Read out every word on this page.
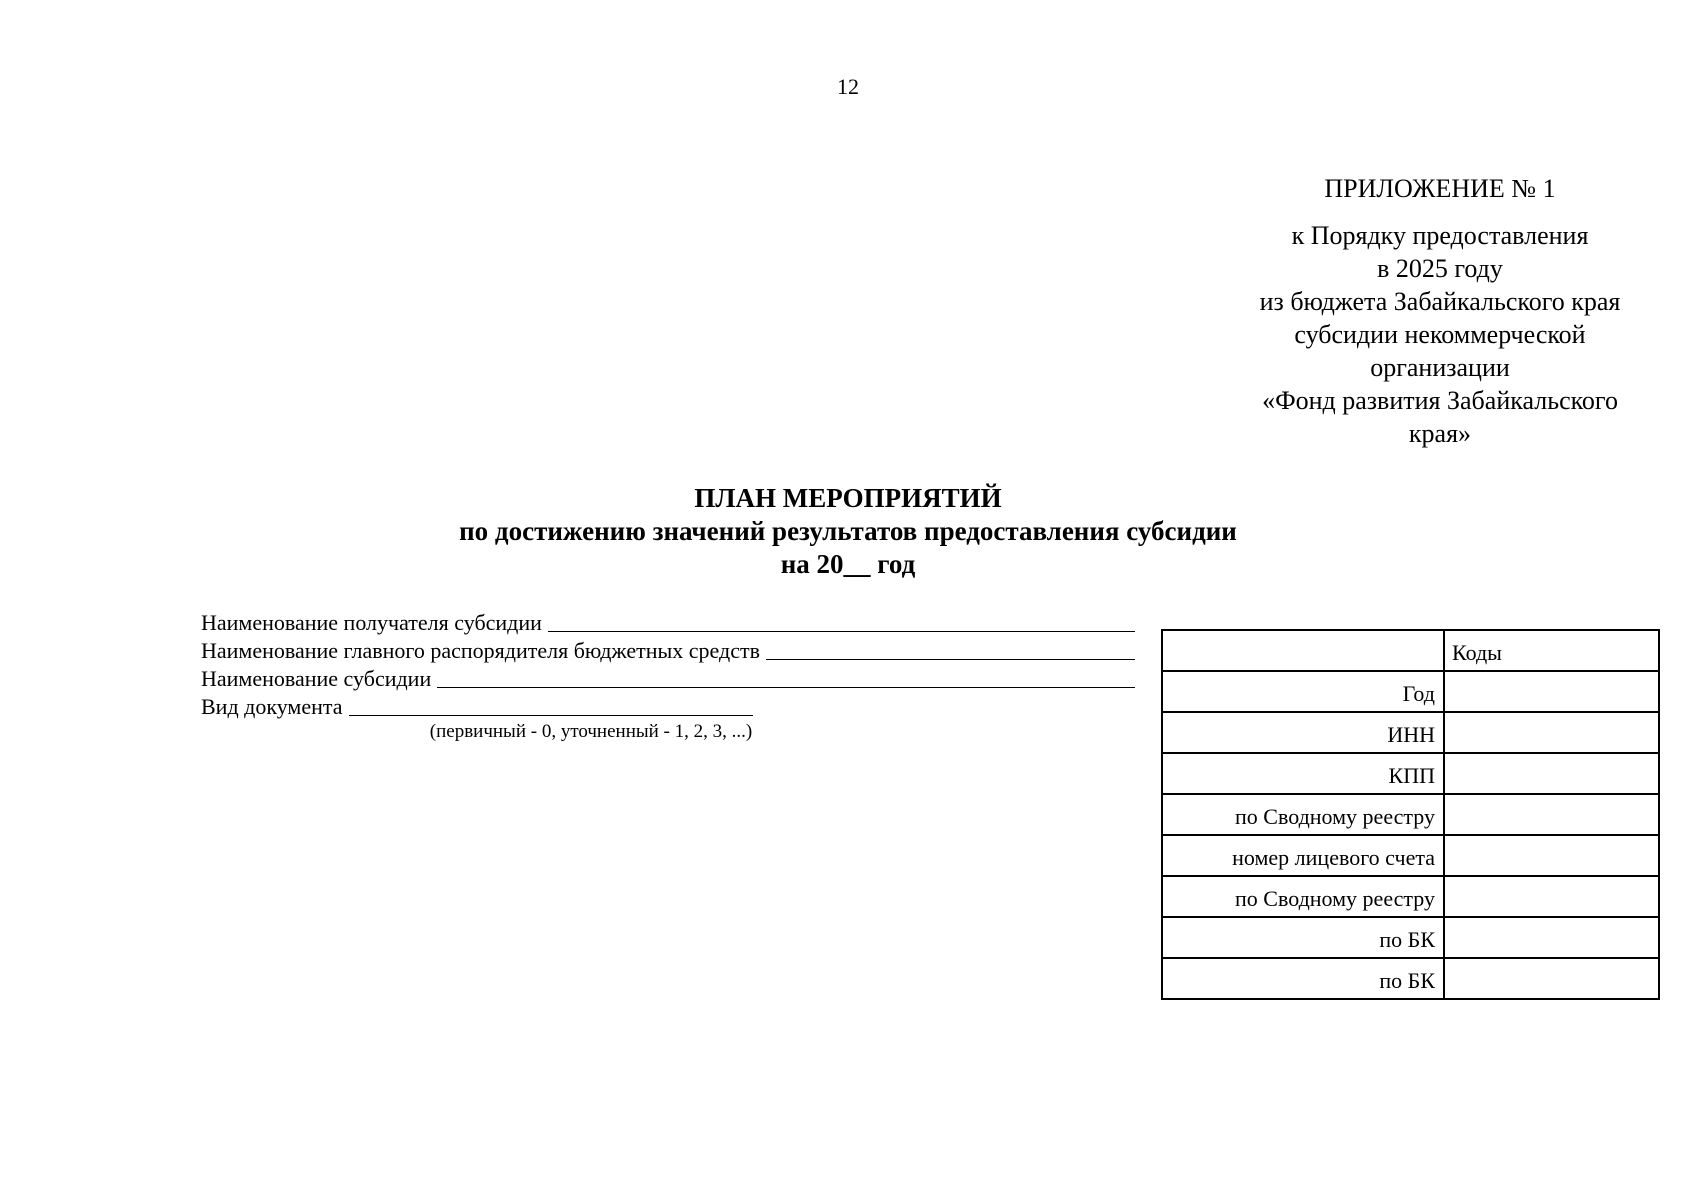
12
ПРИЛОЖЕНИЕ № 1
к Порядку предоставления
в 2025 году
из бюджета Забайкальского края
субсидии некоммерческой
организации
«Фонд развития Забайкальского
края»
ПЛАН МЕРОПРИЯТИЙ
по достижению значений результатов предоставления субсидии
на 20__ год
Наименование получателя субсидии
Наименование главного распорядителя бюджетных средств
Наименование субсидии
Вид документа
(первичный - 0, уточненный - 1, 2, 3, ...)
	Коды
Год	
ИНН	
КПП	
по Сводному реестру	
номер лицевого счета	
по Сводному реестру	
по БК	
по БК	
